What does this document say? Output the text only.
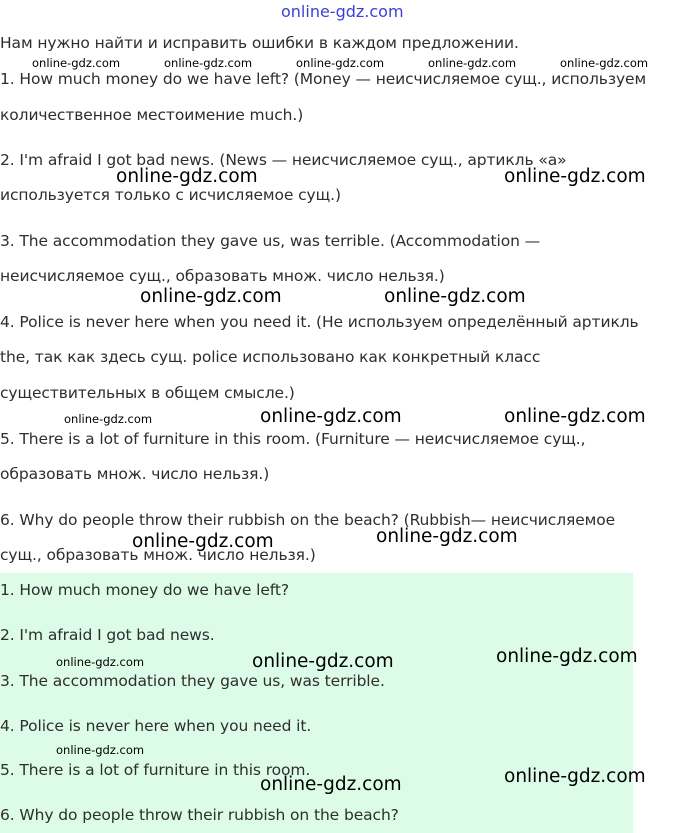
online-gdz.com
Нам нужно найти и исправить ошибки в каждом предложении.
1. How much money do we have left? (Money — неисчисляемое сущ., используем
количественное местоимение much.)
2. I'm afraid I got bad news. (News — неисчисляемое сущ., артикль «а»
используется только с исчисляемое сущ.)
3. The accommodation they gave us, was terrible. (Accommodation —
неисчисляемое сущ., образовать множ. число нельзя.)
4. Police is never here when you need it. (Не используем определённый артикль
the, так как здесь сущ. police использовано как конкретный класс
существительных в общем смысле.)
5. There is a lot of furniture in this room. (Furniture — неисчисляемое сущ.,
образовать множ. число нельзя.)
6. Why do people throw their rubbish on the beach? (Rubbish— неисчисляемое
сущ., образовать множ. число нельзя.)
1. How much money do we have left?
2. I'm afraid I got bad news.
3. The accommodation they gave us, was terrible.
4. Police is never here when you need it.
5. There is a lot of furniture in this room.
6. Why do people throw their rubbish on the beach?
online-gdz.com	online-gdz.com	online-gdz.com	online-gdz.com	online-gdz.com
online-gdz.com
online-gdz.com
online-gdz.com
online-gdz.com	online-gdz.com
online-gdz.com	online-gdz.com
online-gdz.com	online-gdz.com
online-gdz.com
online-gdz.com
online-gdz.com	online-gdz.com
online-gdz.com	online-gdz.com
